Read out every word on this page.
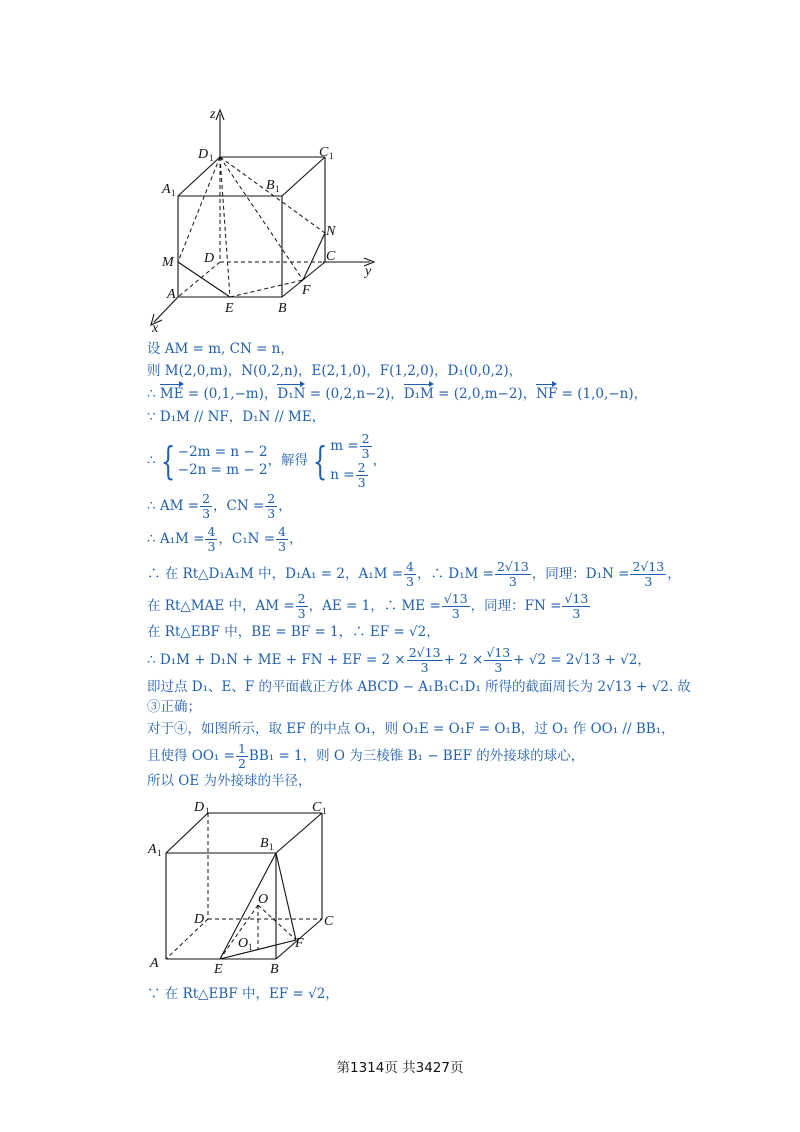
z
y
x
D 1	C 1
A 1	B 1
N
M D	C
A
E	B
F
设 AM = m, CN = n，
则 M(2,0,m)，N(0,2,n)，E(2,1,0)，F(1,2,0)，D₁(0,0,2)，
∴ ME = (0,1,−m)，D₁N = (0,2,n−2)，D₁M = (2,0,m−2)，NF = (1,0,−n)，
∵ D₁M // NF，D₁N // ME，
∴ { −2m = n − 2
−2n = m − 2，解得 { $m = \frac{2}{3}$

$n = \frac{2}{3}$
，
∴ AM = $\frac{2}{3}$ ，CN = $\frac{2}{3}$ ，
∴ $A_1M = \frac{4}{3}$ ，$C_1N = \frac{4}{3}$ ，
∴ 在 Rt△D₁A₁M 中，D₁A₁ = 2，$A_1M = \frac{4}{3}$ ，∴ $D_1M = \frac{2√13}{3}$ ，同理：$D_1N = \frac{2√13}{3}$ ，
在 Rt△MAE 中，AM = $\frac{2}{3}$ ，AE = 1，∴ ME = $\frac{√13}{3}$ ，同理：FN = $\frac{√13}{3}$
在 Rt△EBF 中，BE = BF = 1，∴ EF = √2，
∴ D₁M + D₁N + ME + FN + EF = $2 \times \frac{2√13}{3} + 2 \times \frac{√13}{3} + √2 = 2√13 + √2$，
即过点 D₁、E、F 的平面截正方体 ABCD − A₁B₁C₁D₁ 所得的截面周长为 2√13 + √2. 故
③正确；
对于④，如图所示，取 EF 的中点 O₁，则 O₁E = O₁F = O₁B，过 O₁ 作 OO₁ // BB₁，
且使得 $OO_1 = \frac{1}{2} BB_1 = 1$，则 O 为三棱锥 B₁ − BEF 的外接球的球心，
所以 OE 为外接球的半径，
D 1	C 1
A 1
B 1
O
O 1
D	C
A	E	B
F
∵ 在 Rt△EBF 中，EF = √2，
第1314页 共3427页
